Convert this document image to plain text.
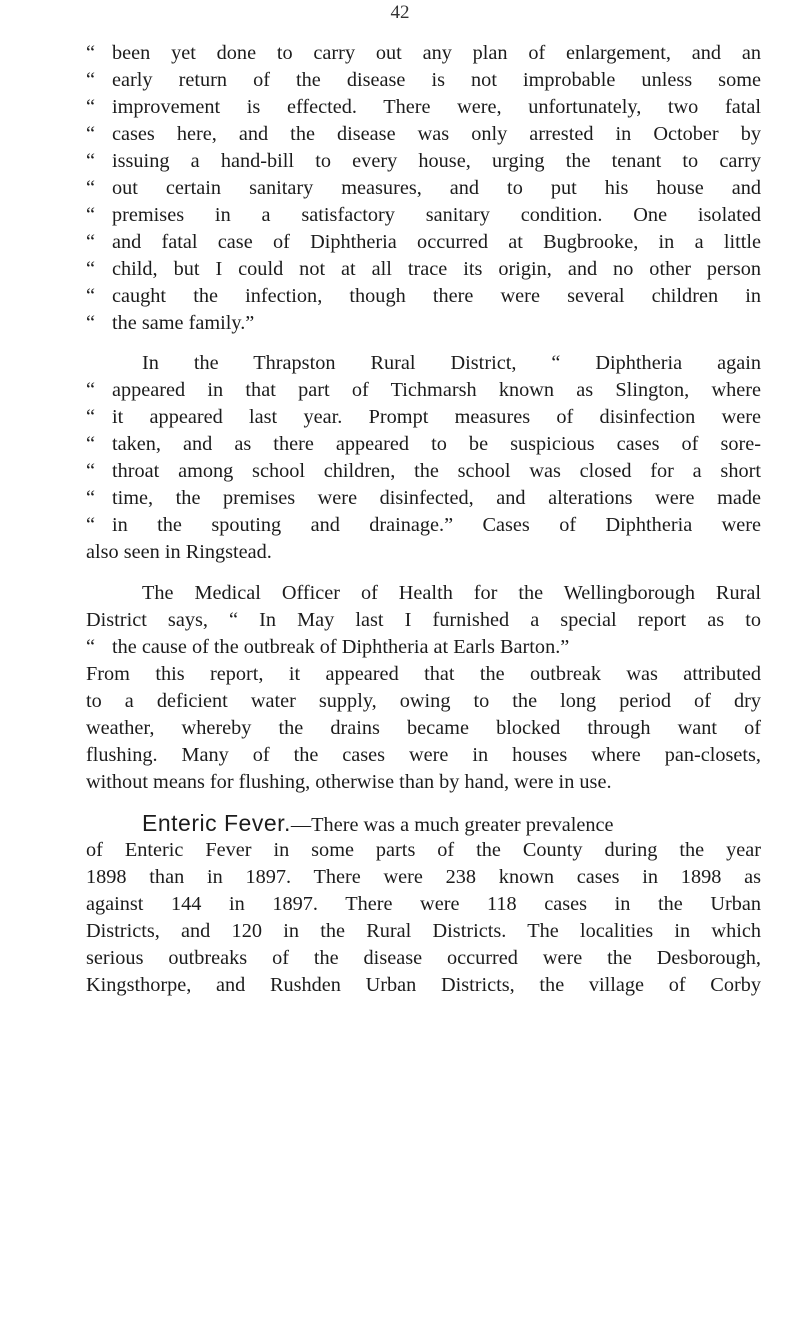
42
“ been yet done to carry out any plan of enlargement, and an
“ early return of the disease is not improbable unless some
“ improvement is effected. There were, unfortunately, two fatal
“ cases here, and the disease was only arrested in October by
“ issuing a hand-bill to every house, urging the tenant to carry
“ out certain sanitary measures, and to put his house and
“ premises in a satisfactory sanitary condition. One isolated
“ and fatal case of Diphtheria occurred at Bugbrooke, in a little
“ child, but I could not at all trace its origin, and no other person
“ caught the infection, though there were several children in
“ the same family.”
In the Thrapston Rural District, “ Diphtheria again
“ appeared in that part of Tichmarsh known as Slington, where
“ it appeared last year. Prompt measures of disinfection were
“ taken, and as there appeared to be suspicious cases of sore-
“ throat among school children, the school was closed for a short
“ time, the premises were disinfected, and alterations were made
“ in the spouting and drainage.” Cases of Diphtheria were
also seen in Ringstead.
The Medical Officer of Health for the Wellingborough Rural
District says, “ In May last I furnished a special report as to
“ the cause of the outbreak of Diphtheria at Earls Barton.”
From this report, it appeared that the outbreak was attributed
to a deficient water supply, owing to the long period of dry
weather, whereby the drains became blocked through want of
flushing. Many of the cases were in houses where pan-closets,
without means for flushing, otherwise than by hand, were in use.
Enteric Fever.—There was a much greater prevalence
of Enteric Fever in some parts of the County during the year
1898 than in 1897. There were 238 known cases in 1898 as
against 144 in 1897. There were 118 cases in the Urban
Districts, and 120 in the Rural Districts. The localities in which
serious outbreaks of the disease occurred were the Desborough,
Kingsthorpe, and Rushden Urban Districts, the village of Corby
